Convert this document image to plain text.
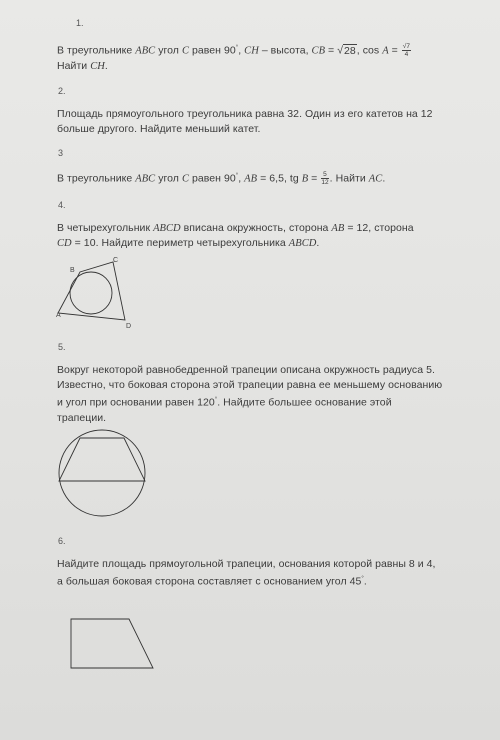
1.
В треугольнике ABC угол C равен 90°, CH – высота, CB = √28, $\cos A = \frac{√7}{4}$
Найти CH.
2.
Площадь прямоугольного треугольника равна 32. Один из его катетов на 12
больше другого. Найдите меньший катет.
3
В треугольнике ABC угол C равен 90°, AB = 6,5, tg $B = \frac{5}{12}$ . Найти AC.
4.
В четырехугольник ABCD вписана окружность, сторона AB = 12, сторона
CD = 10. Найдите периметр четырехугольника ABCD.
B
C
A
D
5.
Вокруг некоторой равнобедренной трапеции описана окружность радиуса 5.
Известно, что боковая сторона этой трапеции равна ее меньшему основанию
и угол при основании равен 120°. Найдите большее основание этой
трапеции.
6.
Найдите площадь прямоугольной трапеции, основания которой равны 8 и 4,
а большая боковая сторона составляет с основанием угол 45°.
